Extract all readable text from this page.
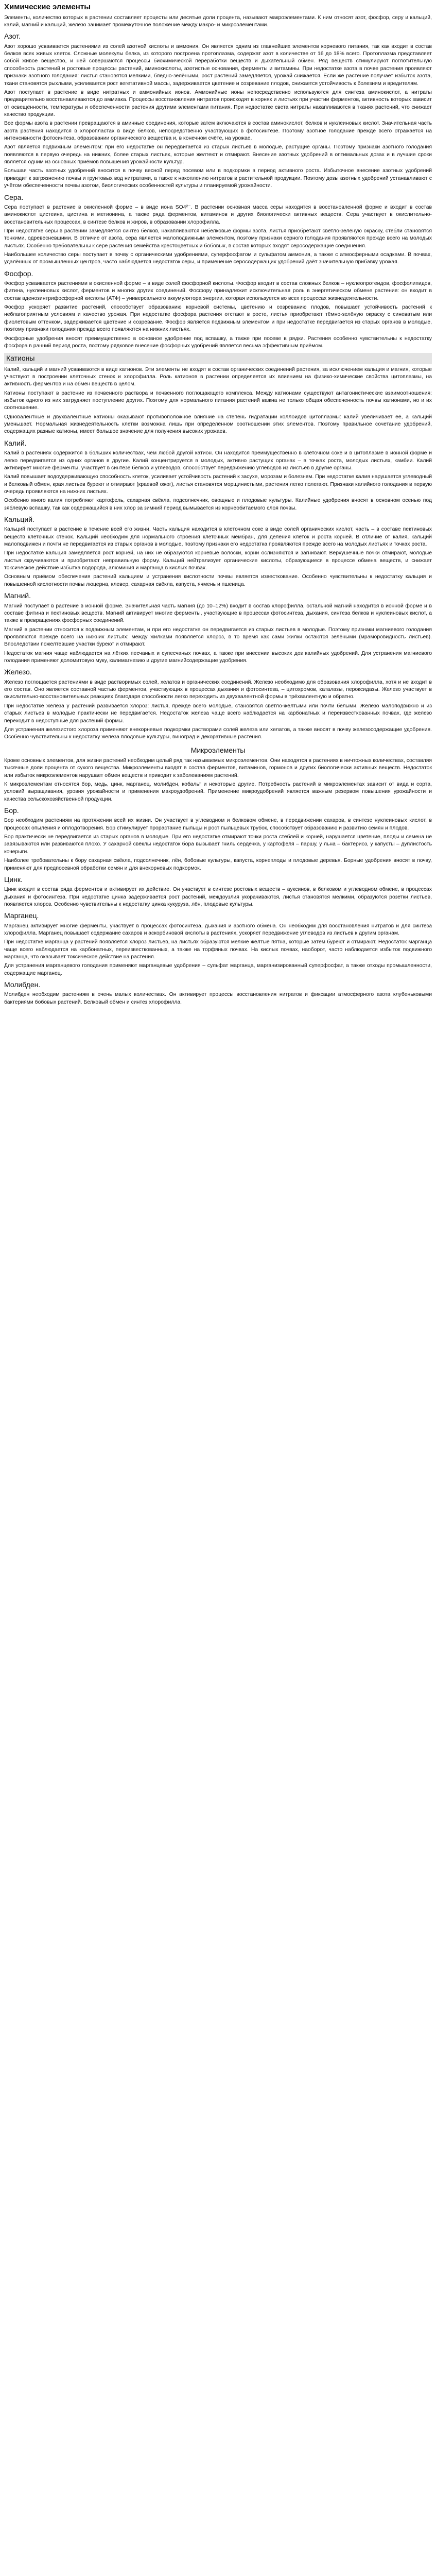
Химические элементы

Элементы, количество которых в растении составляет процесты или десятые доли процента, называют макроэлементами. К ним относят азот, фосфор, серу и кальций, калий, магний и кальций, железо занимает промежуточное положение между макро- и микроэлементами.

Азот.

Азот хорошо усваивается растениями из солей азотной кислоты и аммония. Он является одним из главнейших элементов корневого питания, так как входит в состав белков всех живых клеток. Сложные молекулы белка, из которого построена протоплазма, содержат азот в количестве от 16 до 18% всего. Протоплазма представляет собой живое вещество, и ней совершаются процессы биохимической переработки веществ и дыхательный обмен. Ряд веществ стимулируют поглотительную способность растений и ростовые процессы растений, аминокислоты, азотистые основания, ферменты и витамины. При недостатке азота в почве растения проявляют признаки азотного голодания: листья становятся мелкими, бледно-зелёными, рост растений замедляется, урожай снижается. Если же растение получает избыток азота, ткани становятся рыхлыми, усиливается рост вегетативной массы, задерживается цветение и созревание плодов, снижается устойчивость к болезням и вредителям.

Азот поступает в растение в виде нитратных и аммонийных ионов. Аммонийные ионы непосредственно используются для синтеза аминокислот, а нитраты предварительно восстанавливаются до аммиака. Процессы восстановления нитратов происходят в корнях и листьях при участии ферментов, активность которых зависит от освещённости, температуры и обеспеченности растения другими элементами питания. При недостатке света нитраты накапливаются в тканях растений, что снижает качество продукции.

Все формы азота в растении превращаются в аминные соединения, которые затем включаются в состав аминокислот, белков и нуклеиновых кислот. Значительная часть азота растения находится в хлоропластах в виде белков, непосредственно участвующих в фотосинтезе. Поэтому азотное голодание прежде всего отражается на интенсивности фотосинтеза, образовании органического вещества и, в конечном счёте, на урожае.

Азот является подвижным элементом: при его недостатке он передвигается из старых листьев в молодые, растущие органы. Поэтому признаки азотного голодания появляются в первую очередь на нижних, более старых листьях, которые желтеют и отмирают. Внесение азотных удобрений в оптимальных дозах и в лучшие сроки является одним из основных приёмов повышения урожайности культур.

Большая часть азотных удобрений вносится в почву весной перед посевом или в подкормки в период активного роста. Избыточное внесение азотных удобрений приводит к загрязнению почвы и грунтовых вод нитратами, а также к накоплению нитратов в растительной продукции. Поэтому дозы азотных удобрений устанавливают с учётом обеспеченности почвы азотом, биологических особенностей культуры и планируемой урожайности.

Сера.

Сера поступает в растение в окисленной форме – в виде иона SO4²⁻. В растении основная масса серы находится в восстановленной форме и входит в состав аминокислот цистеина, цистина и метионина, а также ряда ферментов, витаминов и других биологически активных веществ. Сера участвует в окислительно-восстановительных процессах, в синтезе белков и жиров, в образовании хлорофилла.

При недостатке серы в растении замедляется синтез белков, накапливаются небелковые формы азота, листья приобретают светло-зелёную окраску, стебли становятся тонкими, одревесневшими. В отличие от азота, сера является малоподвижным элементом, поэтому признаки серного голодания проявляются прежде всего на молодых листьях. Особенно требовательны к сере растения семейства крестоцветных и бобовых, в состав которых входят серосодержащие соединения.

Наибольшее количество серы поступает в почву с органическими удобрениями, суперфосфатом и сульфатом аммония, а также с атмосферными осадками. В почвах, удалённых от промышленных центров, часто наблюдается недостаток серы, и применение серосодержащих удобрений даёт значительную прибавку урожая.

Фосфор.

Фосфор усваивается растениями в окисленной форме – в виде солей фосфорной кислоты. Фосфор входит в состав сложных белков – нуклеопротеидов, фосфолипидов, фитина, нуклеиновых кислот, ферментов и многих других соединений. Фосфору принадлежит исключительная роль в энергетическом обмене растения: он входит в состав аденозинтрифосфорной кислоты (АТФ) – универсального аккумулятора энергии, которая используется во всех процессах жизнедеятельности.

Фосфор ускоряет развитие растений, способствует образованию корневой системы, цветению и созреванию плодов, повышает устойчивость растений к неблагоприятным условиям и качество урожая. При недостатке фосфора растения отстают в росте, листья приобретают тёмно-зелёную окраску с синеватым или фиолетовым оттенком, задерживается цветение и созревание. Фосфор является подвижным элементом и при недостатке передвигается из старых органов в молодые, поэтому признаки голодания прежде всего появляются на нижних листьях.

Фосфорные удобрения вносят преимущественно в основное удобрение под вспашку, а также при посеве в рядки. Растения особенно чувствительны к недостатку фосфора в ранний период роста, поэтому рядковое внесение фосфорных удобрений является весьма эффективным приёмом.

Катионы

Калий, кальций и магний усваиваются в виде катионов. Эти элементы не входят в состав органических соединений растения, за исключением кальция и магния, которые участвуют в построении клеточных стенок и хлорофилла. Роль катионов в растении определяется их влиянием на физико-химические свойства цитоплазмы, на активность ферментов и на обмен веществ в целом.

Катионы поступают в растение из почвенного раствора и почвенного поглощающего комплекса. Между катионами существуют антагонистические взаимоотношения: избыток одного из них затрудняет поступление других. Поэтому для нормального питания растений важна не только общая обеспеченность почвы катионами, но и их соотношение.

Одновалентные и двухвалентные катионы оказывают противоположное влияние на степень гидратации коллоидов цитоплазмы: калий увеличивает её, а кальций уменьшает. Нормальная жизнедеятельность клетки возможна лишь при определённом соотношении этих элементов. Поэтому правильное сочетание удобрений, содержащих разные катионы, имеет большое значение для получения высоких урожаев.

Калий.

Калий в растениях содержится в больших количествах, чем любой другой катион. Он находится преимущественно в клеточном соке и в цитоплазме в ионной форме и легко передвигается из одних органов в другие. Калий концентрируется в молодых, активно растущих органах – в точках роста, молодых листьях, камбии. Калий активирует многие ферменты, участвует в синтезе белков и углеводов, способствует передвижению углеводов из листьев в другие органы.

Калий повышает водоудерживающую способность клеток, усиливает устойчивость растений к засухе, морозам и болезням. При недостатке калия нарушается углеводный и белковый обмен, края листьев буреют и отмирают (краевой ожог), листья становятся морщинистыми, растения легко полегают. Признаки калийного голодания в первую очередь проявляются на нижних листьях.

Особенно много калия потребляют картофель, сахарная свёкла, подсолнечник, овощные и плодовые культуры. Калийные удобрения вносят в основном осенью под зяблевую вспашку, так как содержащийся в них хлор за зимний период вымывается из корнеобитаемого слоя почвы.

Кальций.

Кальций поступает в растение в течение всей его жизни. Часть кальция находится в клеточном соке в виде солей органических кислот, часть – в составе пектиновых веществ клеточных стенок. Кальций необходим для нормального строения клеточных мембран, для деления клеток и роста корней. В отличие от калия, кальций малоподвижен и почти не передвигается из старых органов в молодые, поэтому признаки его недостатка проявляются прежде всего на молодых листьях и точках роста.

При недостатке кальция замедляется рост корней, на них не образуются корневые волоски, корни ослизняются и загнивают. Верхушечные почки отмирают, молодые листья скручиваются и приобретают неправильную форму. Кальций нейтрализует органические кислоты, образующиеся в процессе обмена веществ, и снижает токсическое действие избытка водорода, алюминия и марганца в кислых почвах.

Основным приёмом обеспечения растений кальцием и устранения кислотности почвы является известкование. Особенно чувствительны к недостатку кальция и повышенной кислотности почвы люцерна, клевер, сахарная свёкла, капуста, ячмень и пшеница.

Магний.

Магний поступает в растение в ионной форме. Значительная часть магния (до 10–12%) входит в состав хлорофилла, остальной магний находится в ионной форме и в составе фитина и пектиновых веществ. Магний активирует многие ферменты, участвующие в процессах фотосинтеза, дыхания, синтеза белков и нуклеиновых кислот, а также в превращениях фосфорных соединений.

Магний в растении относится к подвижным элементам, и при его недостатке он передвигается из старых листьев в молодые. Поэтому признаки магниевого голодания проявляются прежде всего на нижних листьях: между жилками появляется хлороз, в то время как сами жилки остаются зелёными (мраморовидность листьев). Впоследствии пожелтевшие участки буреют и отмирают.

Недостаток магния чаще наблюдается на лёгких песчаных и супесчаных почвах, а также при внесении высоких доз калийных удобрений. Для устранения магниевого голодания применяют доломитовую муку, калимагнезию и другие магнийсодержащие удобрения.

Железо.

Железо поглощается растениями в виде растворимых солей, хелатов и органических соединений. Железо необходимо для образования хлорофилла, хотя и не входит в его состав. Оно является составной частью ферментов, участвующих в процессах дыхания и фотосинтеза, – цитохромов, каталазы, пероксидазы. Железо участвует в окислительно-восстановительных реакциях благодаря способности легко переходить из двухвалентной формы в трёхвалентную и обратно.

При недостатке железа у растений развивается хлороз: листья, прежде всего молодые, становятся светло-жёлтыми или почти белыми. Железо малоподвижно и из старых листьев в молодые практически не передвигается. Недостаток железа чаще всего наблюдается на карбонатных и переизвесткованных почвах, где железо переходит в недоступные для растений формы.

Для устранения железистого хлороза применяют внекорневые подкормки растворами солей железа или хелатов, а также вносят в почву железосодержащие удобрения. Особенно чувствительны к недостатку железа плодовые культуры, виноград и декоративные растения.

Микроэлементы

Кроме основных элементов, для жизни растений необходим целый ряд так называемых микроэлементов. Они находятся в растениях в ничтожных количествах, составляя тысячные доли процента от сухого вещества. Микроэлементы входят в состав ферментов, витаминов, гормонов и других биологически активных веществ. Недостаток или избыток микроэлементов нарушает обмен веществ и приводит к заболеваниям растений.

К микроэлементам относятся бор, медь, цинк, марганец, молибден, кобальт и некоторые другие. Потребность растений в микроэлементах зависит от вида и сорта, условий выращивания, уровня урожайности и применения макроудобрений. Применение микроудобрений является важным резервом повышения урожайности и качества сельскохозяйственной продукции.

Бор.

Бор необходим растениям на протяжении всей их жизни. Он участвует в углеводном и белковом обмене, в передвижении сахаров, в синтезе нуклеиновых кислот, в процессах опыления и оплодотворения. Бор стимулирует прорастание пыльцы и рост пыльцевых трубок, способствует образованию и развитию семян и плодов.

Бор практически не передвигается из старых органов в молодые. При его недостатке отмирают точки роста стеблей и корней, нарушается цветение, плоды и семена не завязываются или развиваются плохо. У сахарной свёклы недостаток бора вызывает гниль сердечка, у картофеля – паршу, у льна – бактериоз, у капусты – дуплистость кочерыги.

Наиболее требовательны к бору сахарная свёкла, подсолнечник, лён, бобовые культуры, капуста, корнеплоды и плодовые деревья. Борные удобрения вносят в почву, применяют для предпосевной обработки семян и для внекорневых подкормок.

Цинк.

Цинк входит в состав ряда ферментов и активирует их действие. Он участвует в синтезе ростовых веществ – ауксинов, в белковом и углеводном обмене, в процессах дыхания и фотосинтеза. При недостатке цинка задерживается рост растений, междоузлия укорачиваются, листья становятся мелкими, образуются розетки листьев, появляется хлороз. Особенно чувствительны к недостатку цинка кукуруза, лён, плодовые культуры.

Марганец.

Марганец активирует многие ферменты, участвует в процессах фотосинтеза, дыхания и азотного обмена. Он необходим для восстановления нитратов и для синтеза хлорофилла. Марганец повышает содержание сахаров и аскорбиновой кислоты в растениях, ускоряет передвижение углеводов из листьев к другим органам.

При недостатке марганца у растений появляется хлороз листьев, на листьях образуются мелкие жёлтые пятна, которые затем буреют и отмирают. Недостаток марганца чаще всего наблюдается на карбонатных, переизвесткованных, а также на торфяных почвах. На кислых почвах, наоборот, часто наблюдается избыток подвижного марганца, что оказывает токсическое действие на растения.

Для устранения марганцевого голодания применяют марганцевые удобрения – сульфат марганца, марганизированный суперфосфат, а также отходы промышленности, содержащие марганец.

Молибден.

Молибден необходим растениям в очень малых количествах. Он активирует процессы восстановления нитратов и фиксации атмосферного азота клубеньковыми бактериями бобовых растений. Белковый обмен и синтез хлорофилла.
